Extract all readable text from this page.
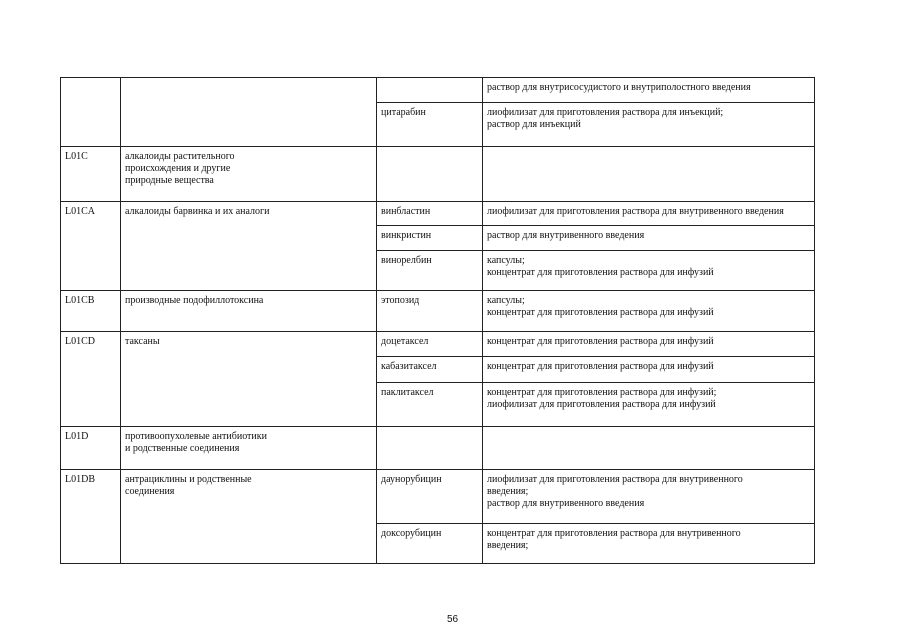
			раствор для внутрисосудистого и внутриполостного введения

		цитарабин	лиофилизат для приготовления раствора для инъекций;
раствор для инъекций

L01C	алкалоиды растительного
происхождения и другие
природные вещества		

L01CA	алкалоиды барвинка и их аналоги	винбластин	лиофилизат для приготовления раствора для внутривенного введения

		винкристин	раствор для внутривенного введения

		винорелбин	капсулы;
концентрат для приготовления раствора для инфузий

L01CB	производные подофиллотоксина	этопозид	капсулы;
концентрат для приготовления раствора для инфузий

L01CD	таксаны	доцетаксел	концентрат для приготовления раствора для инфузий

		кабазитаксел	концентрат для приготовления раствора для инфузий

		паклитаксел	концентрат для приготовления раствора для инфузий;
лиофилизат для приготовления раствора для инфузий

L01D	противоопухолевые антибиотики
и родственные соединения		

L01DB	антрациклины и родственные
соединения	даунорубицин	лиофилизат для приготовления раствора для внутривенного
введения;
раствор для внутривенного введения

		доксорубицин	концентрат для приготовления раствора для внутривенного
введения;
56
